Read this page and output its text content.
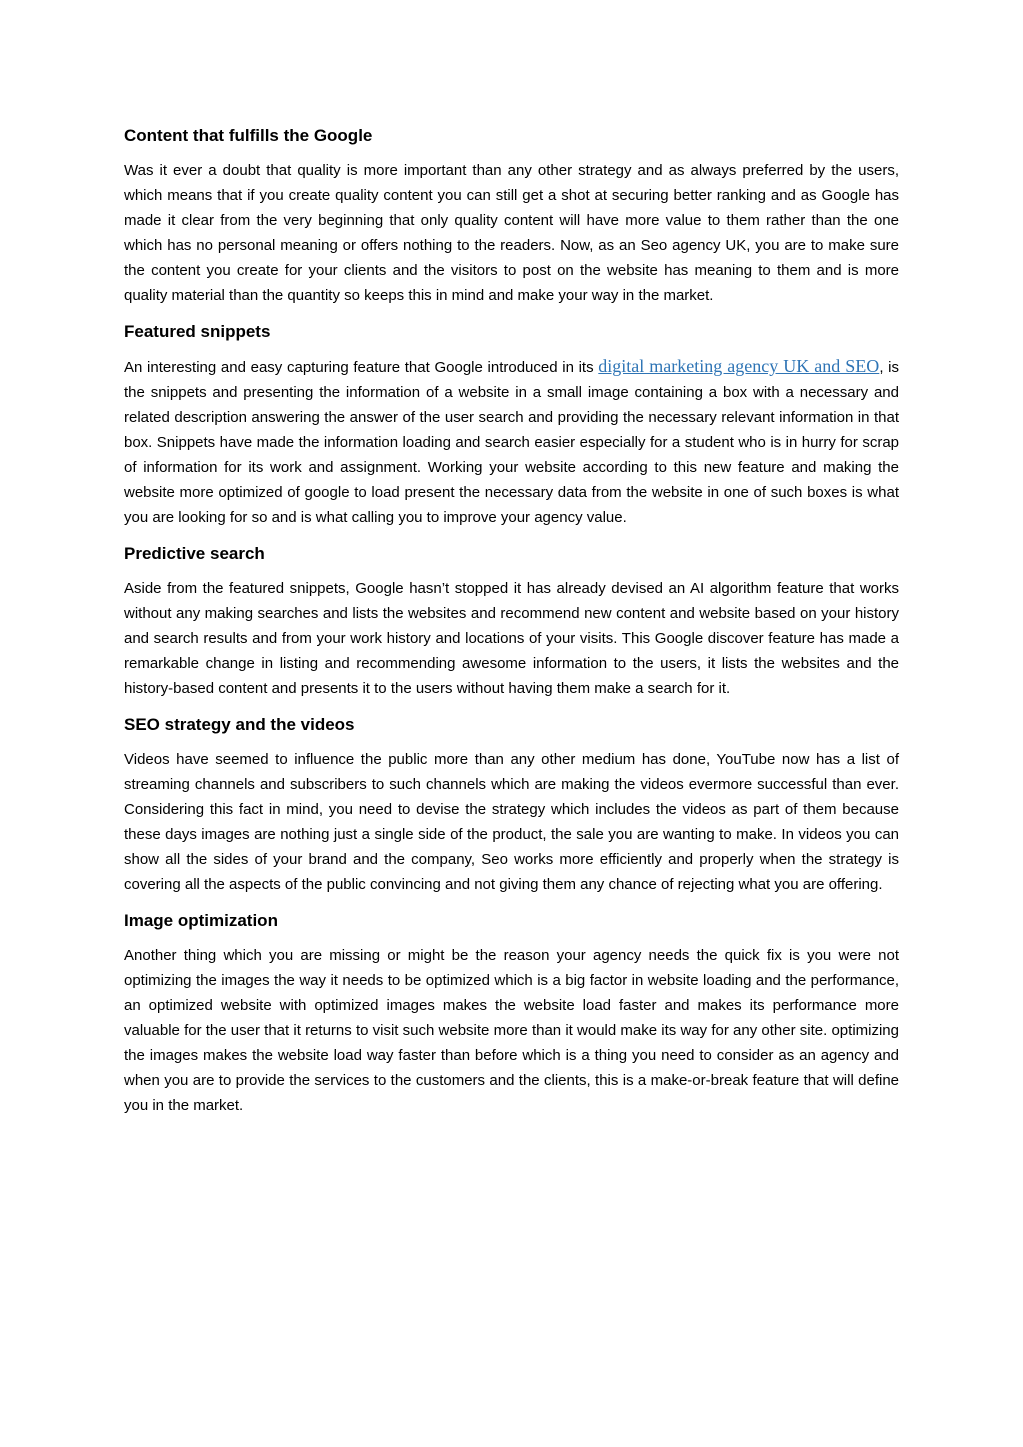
Content that fulfills the Google

Was it ever a doubt that quality is more important than any other strategy and as always preferred by the users, which means that if you create quality content you can still get a shot at securing better ranking and as Google has made it clear from the very beginning that only quality content will have more value to them rather than the one which has no personal meaning or offers nothing to the readers. Now, as an Seo agency UK, you are to make sure the content you create for your clients and the visitors to post on the website has meaning to them and is more quality material than the quantity so keeps this in mind and make your way in the market.

Featured snippets

An interesting and easy capturing feature that Google introduced in its digital marketing agency UK and SEO, is the snippets and presenting the information of a website in a small image containing a box with a necessary and related description answering the answer of the user search and providing the necessary relevant information in that box. Snippets have made the information loading and search easier especially for a student who is in hurry for scrap of information for its work and assignment. Working your website according to this new feature and making the website more optimized of google to load present the necessary data from the website in one of such boxes is what you are looking for so and is what calling you to improve your agency value.

Predictive search

Aside from the featured snippets, Google hasn’t stopped it has already devised an AI algorithm feature that works without any making searches and lists the websites and recommend new content and website based on your history and search results and from your work history and locations of your visits. This Google discover feature has made a remarkable change in listing and recommending awesome information to the users, it lists the websites and the history-based content and presents it to the users without having them make a search for it.

SEO strategy and the videos

Videos have seemed to influence the public more than any other medium has done, YouTube now has a list of streaming channels and subscribers to such channels which are making the videos evermore successful than ever. Considering this fact in mind, you need to devise the strategy which includes the videos as part of them because these days images are nothing just a single side of the product, the sale you are wanting to make. In videos you can show all the sides of your brand and the company, Seo works more efficiently and properly when the strategy is covering all the aspects of the public convincing and not giving them any chance of rejecting what you are offering.

Image optimization

Another thing which you are missing or might be the reason your agency needs the quick fix is you were not optimizing the images the way it needs to be optimized which is a big factor in website loading and the performance, an optimized website with optimized images makes the website load faster and makes its performance more valuable for the user that it returns to visit such website more than it would make its way for any other site. optimizing the images makes the website load way faster than before which is a thing you need to consider as an agency and when you are to provide the services to the customers and the clients, this is a make-or-break feature that will define you in the market.
